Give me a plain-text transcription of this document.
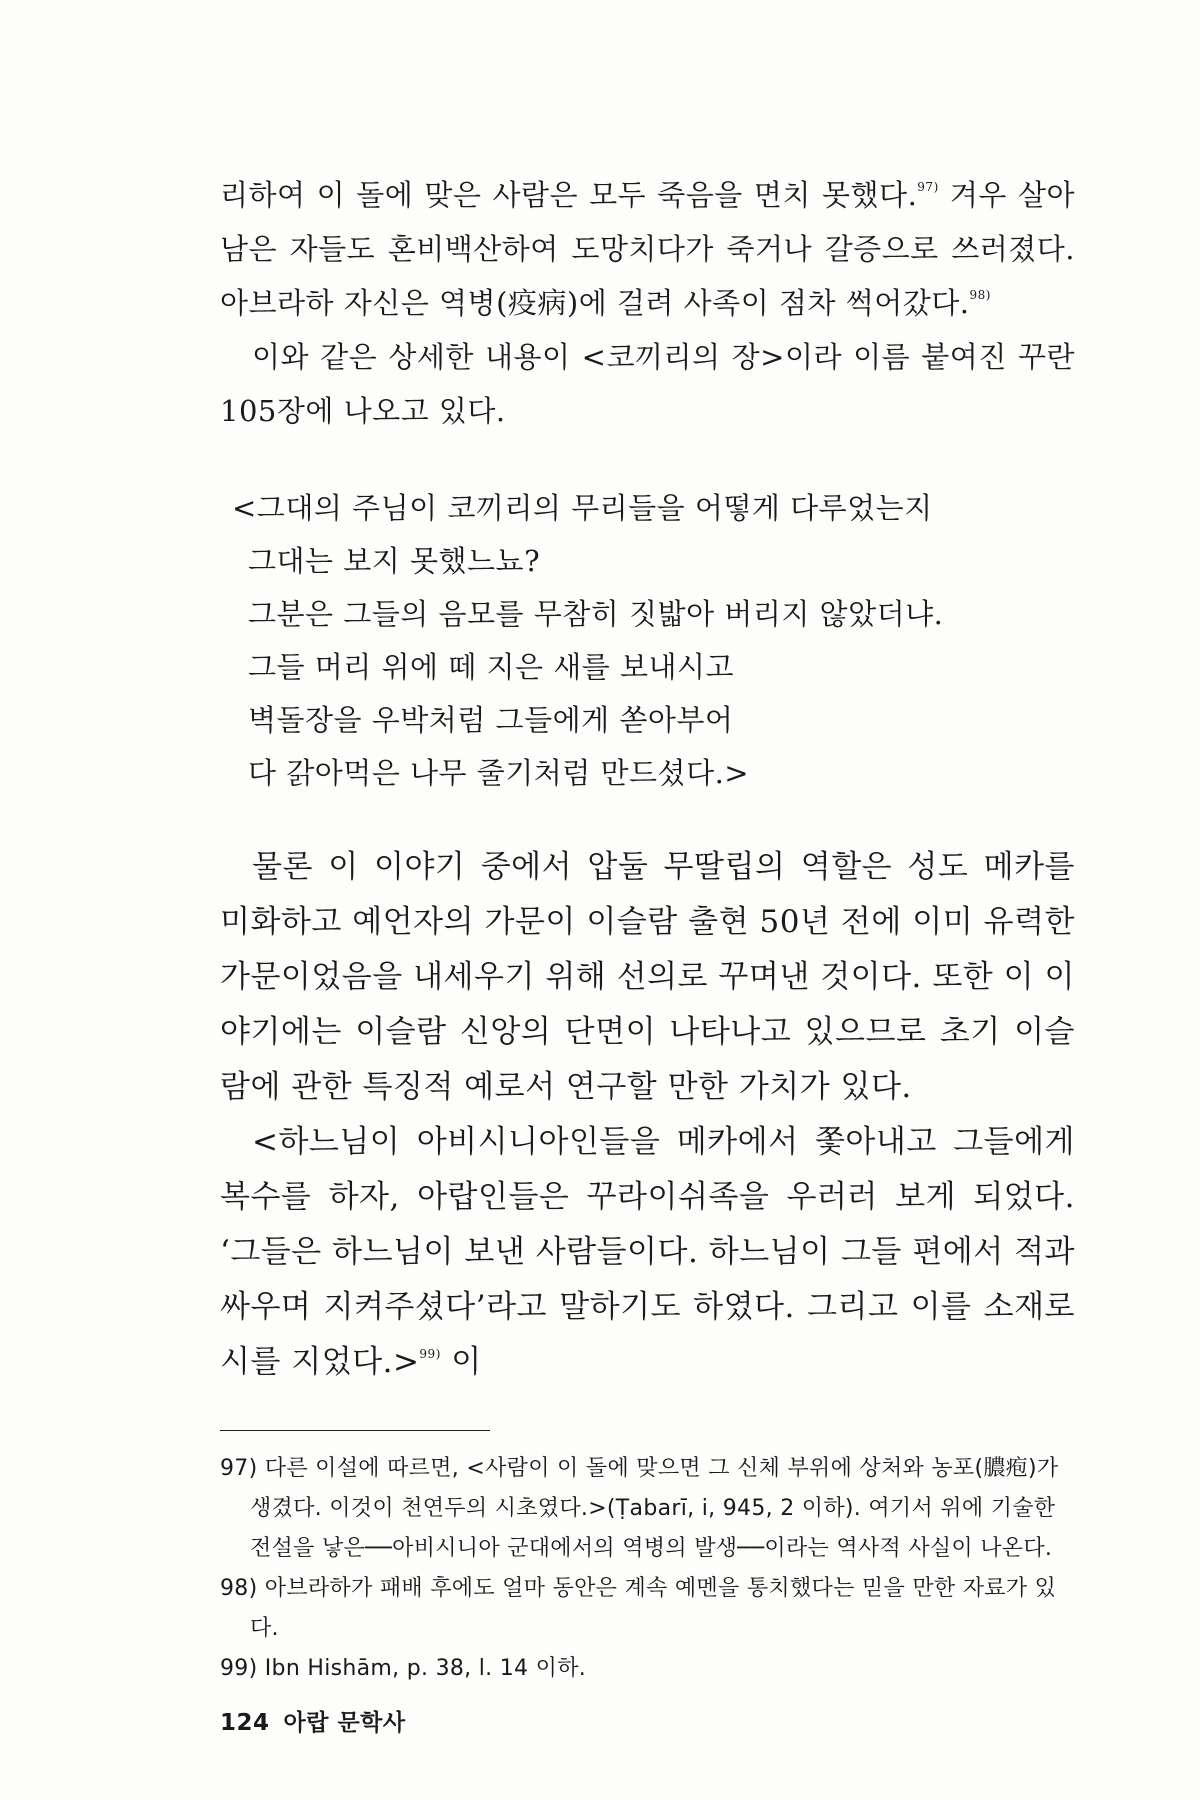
리하여 이 돌에 맞은 사람은 모두 죽음을 면치 못했다.$^{97)}$ 겨우 살아남은 자들도 혼비백산하여 도망치다가 죽거나 갈증으로 쓰러졌다. 아브라하 자신은 역병(疫病)에 걸려 사족이 점차 썩어갔다.$^{98)}$

이와 같은 상세한 내용이 <코끼리의 장>이라 이름 붙여진 꾸란 105장에 나오고 있다.

<그대의 주님이 코끼리의 무리들을 어떻게 다루었는지
그대는 보지 못했느뇨?
그분은 그들의 음모를 무참히 짓밟아 버리지 않았더냐.
그들 머리 위에 떼 지은 새를 보내시고
벽돌장을 우박처럼 그들에게 쏟아부어
다 갉아먹은 나무 줄기처럼 만드셨다.>

물론 이 이야기 중에서 압둘 무딸립의 역할은 성도 메카를 미화하고 예언자의 가문이 이슬람 출현 50년 전에 이미 유력한 가문이었음을 내세우기 위해 선의로 꾸며낸 것이다. 또한 이 이야기에는 이슬람 신앙의 단면이 나타나고 있으므로 초기 이슬람에 관한 특징적 예로서 연구할 만한 가치가 있다.

<하느님이 아비시니아인들을 메카에서 쫓아내고 그들에게 복수를 하자, 아랍인들은 꾸라이쉬족을 우러러 보게 되었다. ‘그들은 하느님이 보낸 사람들이다. 하느님이 그들 편에서 적과 싸우며 지켜주셨다’라고 말하기도 하였다. 그리고 이를 소재로 시를 지었다.>$^{99)}$ 이

97) 다른 이설에 따르면, <사람이 이 돌에 맞으면 그 신체 부위에 상처와 농포(膿疱)가 생겼다. 이것이 천연두의 시초였다.>(Ṭabarī, i, 945, 2 이하). 여기서 위에 기술한 전설을 낳은──아비시니아 군대에서의 역병의 발생──이라는 역사적 사실이 나온다.

98) 아브라하가 패배 후에도 얼마 동안은 계속 예멘을 통치했다는 믿을 만한 자료가 있다.

99) Ibn Hishām, p. 38, l. 14 이하.

124 아랍 문학사
